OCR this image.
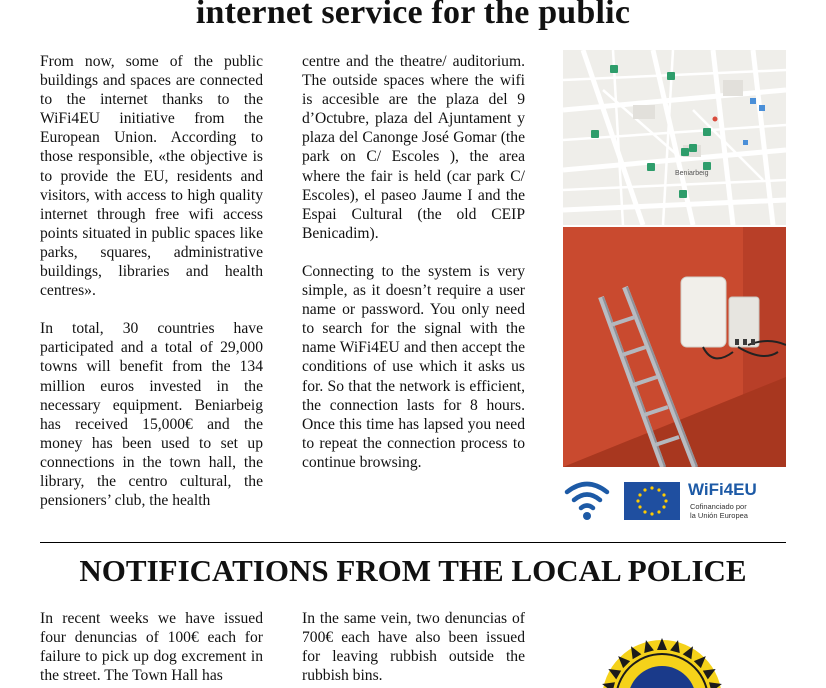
internet service for the public

From now, some of the public buildings and spaces are connected to the internet thanks to the WiFi4EU initiative from the European Union. According to those responsible, «the objective is to provide the EU, residents and visitors, with access to high quality internet through free wifi access points situated in public spaces like parks, squares, administrative buildings, libraries and health centres».

In total, 30 countries have participated and a total of 29,000 towns will benefit from the 134 million euros invested in the necessary equipment. Beniarbeig has received 15,000€ and the money has been used to set up connections in the town hall, the library, the centro cultural, the pensioners’ club, the health

centre and the theatre/ auditorium. The outside spaces where the wifi is accesible are the plaza del 9 d’Octubre, plaza del Ajuntament y plaza del Canonge José Gomar (the park on C/ Escoles ), the area where the fair is held (car park C/ Escoles), el paseo Jaume I and the Espai Cultural (the old CEIP Benicadim).

Connecting to the system is very simple, as it doesn’t require a user name or password. You only need to search for the signal with the name WiFi4EU and then accept the conditions of use which it asks us for. So that the network is efficient, the connection lasts for 8 hours. Once this time has lapsed you need to repeat the connection process to continue browsing.

Beniarbeig
WiFi4EU
Cofinanciado por
la Unión Europea
NOTIFICATIONS FROM THE LOCAL POLICE

In recent weeks we have issued four denuncias of 100€ each for failure to pick up dog excrement in the street. The Town Hall has

In the same vein, two denuncias of 700€ each have also been issued for leaving rubbish outside the rubbish bins.
